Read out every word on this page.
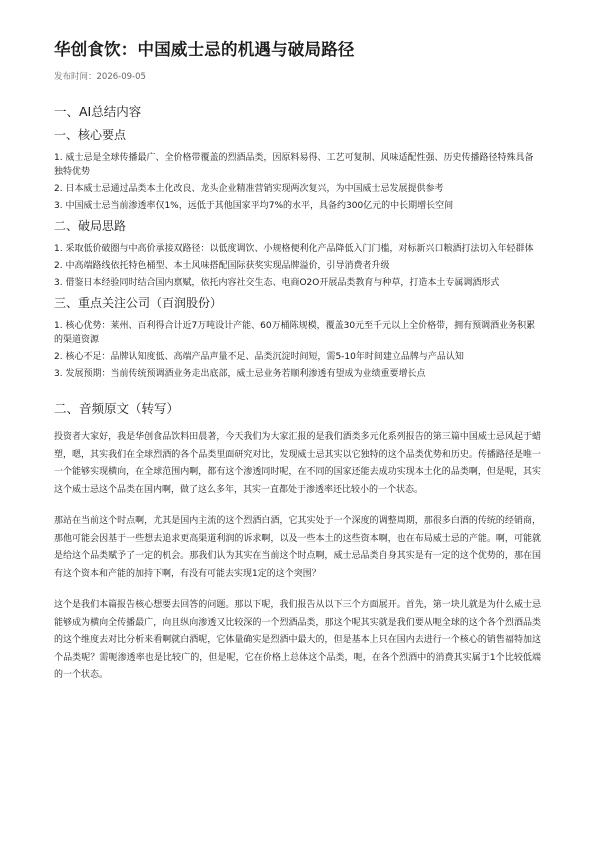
华创食饮：中国威士忌的机遇与破局路径
发布时间：2026-09-05
一、AI总结内容
一、核心要点
1. 威士忌是全球传播最广、全价格带覆盖的烈酒品类，因原料易得、工艺可复制、风味适配性强、历史传播路径特殊具备独特优势
2. 日本威士忌通过品类本土化改良、龙头企业精准营销实现两次复兴，为中国威士忌发展提供参考
3. 中国威士忌当前渗透率仅1%，远低于其他国家平均7%的水平，具备约300亿元的中长期增长空间
二、破局思路
1. 采取低价破圈与中高价承接双路径：以低度调饮、小规格便利化产品降低入门门槛，对标新兴口粮酒打法切入年轻群体
2. 中高端路线依托特色桶型、本土风味搭配国际获奖实现品牌溢价，引导消费者升级
3. 借鉴日本经验同时结合国内禀赋，依托内容社交生态、电商O2O开展品类教育与种草，打造本土专属调酒形式
三、重点关注公司（百润股份）
1. 核心优势：莱州、百利得合计近7万吨设计产能、60万桶陈规模，覆盖30元至千元以上全价格带，拥有预调酒业务积累的渠道资源
2. 核心不足：品牌认知度低、高端产品声量不足、品类沉淀时间短，需5-10年时间建立品牌与产品认知
3. 发展预期：当前传统预调酒业务走出底部，威士忌业务若顺利渗透有望成为业绩重要增长点
二、音频原文（转写）

投资者大家好，我是华创食品饮料田晨著，今天我们为大家汇报的是我们酒类多元化系列报告的第三篇中国威士忌风起于蜡塑，嗯，其实我们在全球烈酒的各个品类里面研究对比，发现威士忌其实以它独特的这个品类优势和历史。传播路径是唯一一个能够实现横向，在全球范围内啊，都有这个渗透同时呢，在不同的国家还能去成功实现本土化的品类啊，但是呢，其实这个威士忌这个品类在国内啊，做了这么多年，其实一直都处于渗透率还比较小的一个状态。

那站在当前这个时点啊，尤其是国内主流的这个烈酒白酒，它其实处于一个深度的调整周期，那很多白酒的传统的经销商，那他可能会因基于一些想去追求更高渠道利润的诉求啊，以及一些本土的这些资本啊，也在布局威士忌的产能。啊，可能就是给这个品类赋予了一定的机会。那我们认为其实在当前这个时点啊，威士忌品类自身其实是有一定的这个优势的，那在国有这个资本和产能的加持下啊，有没有可能去实现1定的这个突围？

这个是我们本篇报告核心想要去回答的问题。那以下呢，我们报告从以下三个方面展开。首先，第一块儿就是为什么威士忌能够成为横向全传播最广，向且纵向渗透又比较深的一个烈酒品类，那这个呢其实就是我们要从呃全球的这个各个烈酒品类的这个维度去对比分析来看啊就白酒呢，它体量确实是烈酒中最大的，但是基本上只在国内去进行一个核心的销售福特加这个品类呢？需呃渗透率也是比较广的，但是呢，它在价格上总体这个品类，呃，在各个烈酒中的消费其实属于1个比较低端的一个状态。
